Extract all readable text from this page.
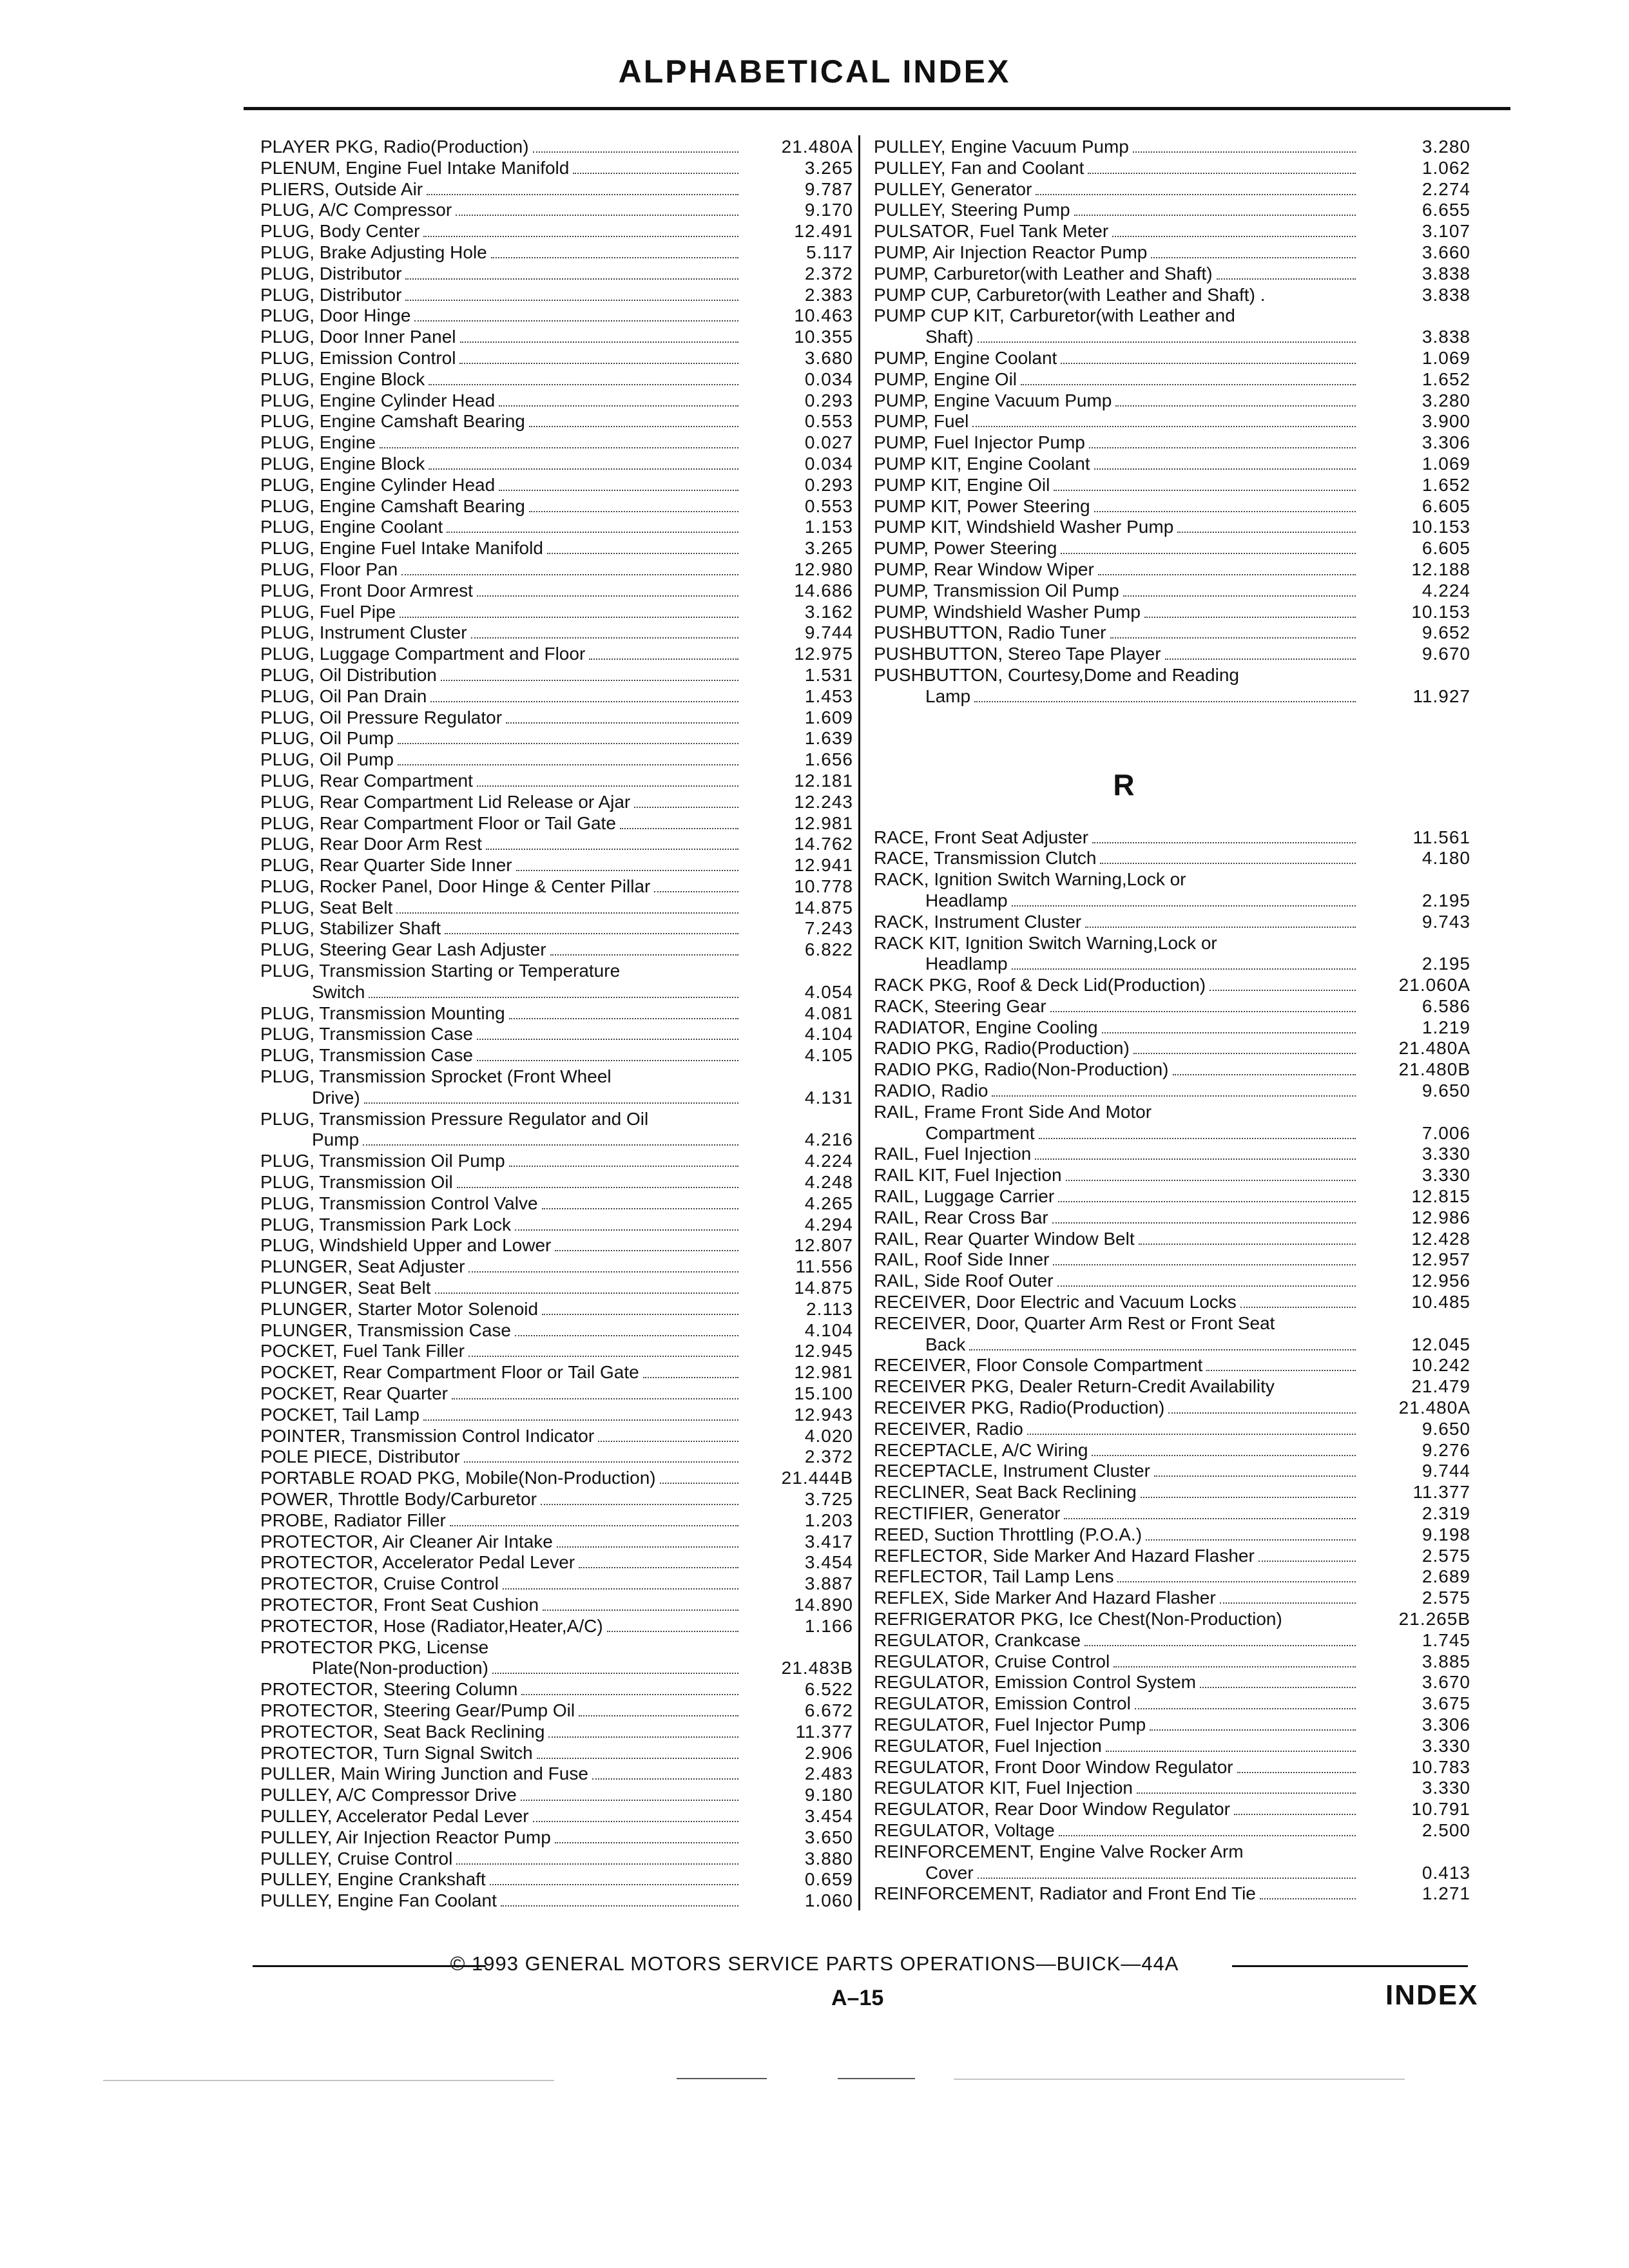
ALPHABETICAL INDEX
PLAYER PKG, Radio(Production)	21.480A
PLENUM, Engine Fuel Intake Manifold	3.265
PLIERS, Outside Air	9.787
PLUG, A/C Compressor	9.170
PLUG, Body Center	12.491
PLUG, Brake Adjusting Hole	5.117
PLUG, Distributor	2.372
PLUG, Distributor	2.383
PLUG, Door Hinge	10.463
PLUG, Door Inner Panel	10.355
PLUG, Emission Control	3.680
PLUG, Engine Block	0.034
PLUG, Engine Cylinder Head	0.293
PLUG, Engine Camshaft Bearing	0.553
PLUG, Engine	0.027
PLUG, Engine Block	0.034
PLUG, Engine Cylinder Head	0.293
PLUG, Engine Camshaft Bearing	0.553
PLUG, Engine Coolant	1.153
PLUG, Engine Fuel Intake Manifold	3.265
PLUG, Floor Pan	12.980
PLUG, Front Door Armrest	14.686
PLUG, Fuel Pipe	3.162
PLUG, Instrument Cluster	9.744
PLUG, Luggage Compartment and Floor	12.975
PLUG, Oil Distribution	1.531
PLUG, Oil Pan Drain	1.453
PLUG, Oil Pressure Regulator	1.609
PLUG, Oil Pump	1.639
PLUG, Oil Pump	1.656
PLUG, Rear Compartment	12.181
PLUG, Rear Compartment Lid Release or Ajar	12.243
PLUG, Rear Compartment Floor or Tail Gate	12.981
PLUG, Rear Door Arm Rest	14.762
PLUG, Rear Quarter Side Inner	12.941
PLUG, Rocker Panel, Door Hinge & Center Pillar	10.778
PLUG, Seat Belt	14.875
PLUG, Stabilizer Shaft	7.243
PLUG, Steering Gear Lash Adjuster	6.822
PLUG, Transmission Starting or Temperature
Switch	4.054
PLUG, Transmission Mounting	4.081
PLUG, Transmission Case	4.104
PLUG, Transmission Case	4.105
PLUG, Transmission Sprocket (Front Wheel
Drive)	4.131
PLUG, Transmission Pressure Regulator and Oil
Pump	4.216
PLUG, Transmission Oil Pump	4.224
PLUG, Transmission Oil	4.248
PLUG, Transmission Control Valve	4.265
PLUG, Transmission Park Lock	4.294
PLUG, Windshield Upper and Lower	12.807
PLUNGER, Seat Adjuster	11.556
PLUNGER, Seat Belt	14.875
PLUNGER, Starter Motor Solenoid	2.113
PLUNGER, Transmission Case	4.104
POCKET, Fuel Tank Filler	12.945
POCKET, Rear Compartment Floor or Tail Gate	12.981
POCKET, Rear Quarter	15.100
POCKET, Tail Lamp	12.943
POINTER, Transmission Control Indicator	4.020
POLE PIECE, Distributor	2.372
PORTABLE ROAD PKG, Mobile(Non-Production)	21.444B
POWER, Throttle Body/Carburetor	3.725
PROBE, Radiator Filler	1.203
PROTECTOR, Air Cleaner Air Intake	3.417
PROTECTOR, Accelerator Pedal Lever	3.454
PROTECTOR, Cruise Control	3.887
PROTECTOR, Front Seat Cushion	14.890
PROTECTOR, Hose (Radiator,Heater,A/C)	1.166
PROTECTOR PKG, License
Plate(Non-production)	21.483B
PROTECTOR, Steering Column	6.522
PROTECTOR, Steering Gear/Pump Oil	6.672
PROTECTOR, Seat Back Reclining	11.377
PROTECTOR, Turn Signal Switch	2.906
PULLER, Main Wiring Junction and Fuse	2.483
PULLEY, A/C Compressor Drive	9.180
PULLEY, Accelerator Pedal Lever	3.454
PULLEY, Air Injection Reactor Pump	3.650
PULLEY, Cruise Control	3.880
PULLEY, Engine Crankshaft	0.659
PULLEY, Engine Fan Coolant	1.060
PULLEY, Engine Vacuum Pump	3.280
PULLEY, Fan and Coolant	1.062
PULLEY, Generator	2.274
PULLEY, Steering Pump	6.655
PULSATOR, Fuel Tank Meter	3.107
PUMP, Air Injection Reactor Pump	3.660
PUMP, Carburetor(with Leather and Shaft)	3.838
PUMP CUP, Carburetor(with Leather and Shaft) .	3.838
PUMP CUP KIT, Carburetor(with Leather and
Shaft)	3.838
PUMP, Engine Coolant	1.069
PUMP, Engine Oil	1.652
PUMP, Engine Vacuum Pump	3.280
PUMP, Fuel	3.900
PUMP, Fuel Injector Pump	3.306
PUMP KIT, Engine Coolant	1.069
PUMP KIT, Engine Oil	1.652
PUMP KIT, Power Steering	6.605
PUMP KIT, Windshield Washer Pump	10.153
PUMP, Power Steering	6.605
PUMP, Rear Window Wiper	12.188
PUMP, Transmission Oil Pump	4.224
PUMP, Windshield Washer Pump	10.153
PUSHBUTTON, Radio Tuner	9.652
PUSHBUTTON, Stereo Tape Player	9.670
PUSHBUTTON, Courtesy,Dome and Reading
Lamp	11.927
R
RACE, Front Seat Adjuster	11.561
RACE, Transmission Clutch	4.180
RACK, Ignition Switch Warning,Lock or
Headlamp	2.195
RACK, Instrument Cluster	9.743
RACK KIT, Ignition Switch Warning,Lock or
Headlamp	2.195
RACK PKG, Roof & Deck Lid(Production)	21.060A
RACK, Steering Gear	6.586
RADIATOR, Engine Cooling	1.219
RADIO PKG, Radio(Production)	21.480A
RADIO PKG, Radio(Non-Production)	21.480B
RADIO, Radio	9.650
RAIL, Frame Front Side And Motor
Compartment	7.006
RAIL, Fuel Injection	3.330
RAIL KIT, Fuel Injection	3.330
RAIL, Luggage Carrier	12.815
RAIL, Rear Cross Bar	12.986
RAIL, Rear Quarter Window Belt	12.428
RAIL, Roof Side Inner	12.957
RAIL, Side Roof Outer	12.956
RECEIVER, Door Electric and Vacuum Locks	10.485
RECEIVER, Door, Quarter Arm Rest or Front Seat
Back	12.045
RECEIVER, Floor Console Compartment	10.242
RECEIVER PKG, Dealer Return-Credit Availability	21.479
RECEIVER PKG, Radio(Production)	21.480A
RECEIVER, Radio	9.650
RECEPTACLE, A/C Wiring	9.276
RECEPTACLE, Instrument Cluster	9.744
RECLINER, Seat Back Reclining	11.377
RECTIFIER, Generator	2.319
REED, Suction Throttling (P.O.A.)	9.198
REFLECTOR, Side Marker And Hazard Flasher	2.575
REFLECTOR, Tail Lamp Lens	2.689
REFLEX, Side Marker And Hazard Flasher	2.575
REFRIGERATOR PKG, Ice Chest(Non-Production)	21.265B
REGULATOR, Crankcase	1.745
REGULATOR, Cruise Control	3.885
REGULATOR, Emission Control System	3.670
REGULATOR, Emission Control	3.675
REGULATOR, Fuel Injector Pump	3.306
REGULATOR, Fuel Injection	3.330
REGULATOR, Front Door Window Regulator	10.783
REGULATOR KIT, Fuel Injection	3.330
REGULATOR, Rear Door Window Regulator	10.791
REGULATOR, Voltage	2.500
REINFORCEMENT, Engine Valve Rocker Arm
Cover	0.413
REINFORCEMENT, Radiator and Front End Tie	1.271
© 1993 GENERAL MOTORS SERVICE PARTS OPERATIONS—BUICK—44A
A–15	INDEX
